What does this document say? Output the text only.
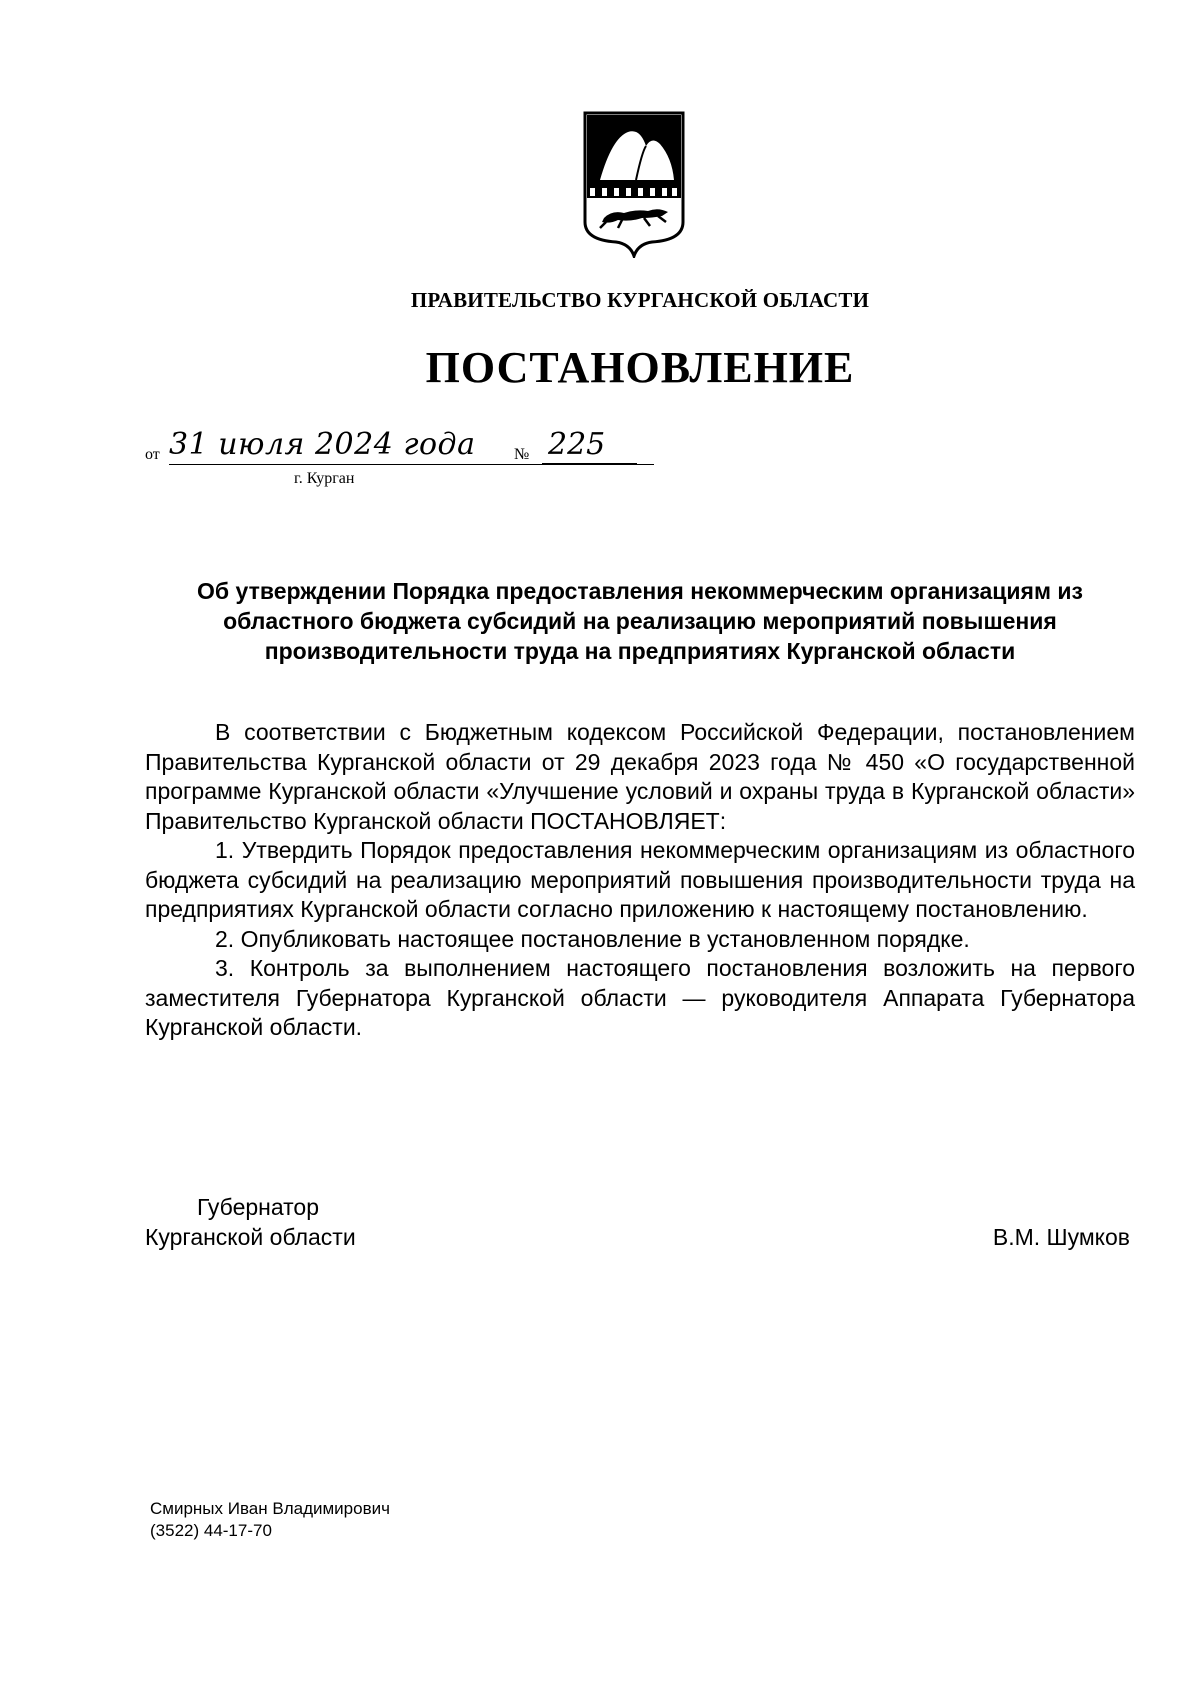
ПРАВИТЕЛЬСТВО КУРГАНСКОЙ ОБЛАСТИ
ПОСТАНОВЛЕНИЕ
от 31 июля 2024 года	225
№
г. Курган
Об утверждении Порядка предоставления некоммерческим организациям из областного бюджета субсидий на реализацию мероприятий повышения производительности труда на предприятиях Курганской области

В соответствии с Бюджетным кодексом Российской Федерации, постановлением Правительства Курганской области от 29 декабря 2023 года № 450 «О государственной программе Курганской области «Улучшение условий и охраны труда в Курганской области» Правительство Курганской области ПОСТАНОВЛЯЕТ:

1. Утвердить Порядок предоставления некоммерческим организациям из областного бюджета субсидий на реализацию мероприятий повышения производительности труда на предприятиях Курганской области согласно приложению к настоящему постановлению.

2. Опубликовать настоящее постановление в установленном порядке.

3. Контроль за выполнением настоящего постановления возложить на первого заместителя Губернатора Курганской области — руководителя Аппарата Губернатора Курганской области.

Губернатор
Курганской области	В.М. Шумков
Смирных Иван Владимирович
(3522) 44-17-70
